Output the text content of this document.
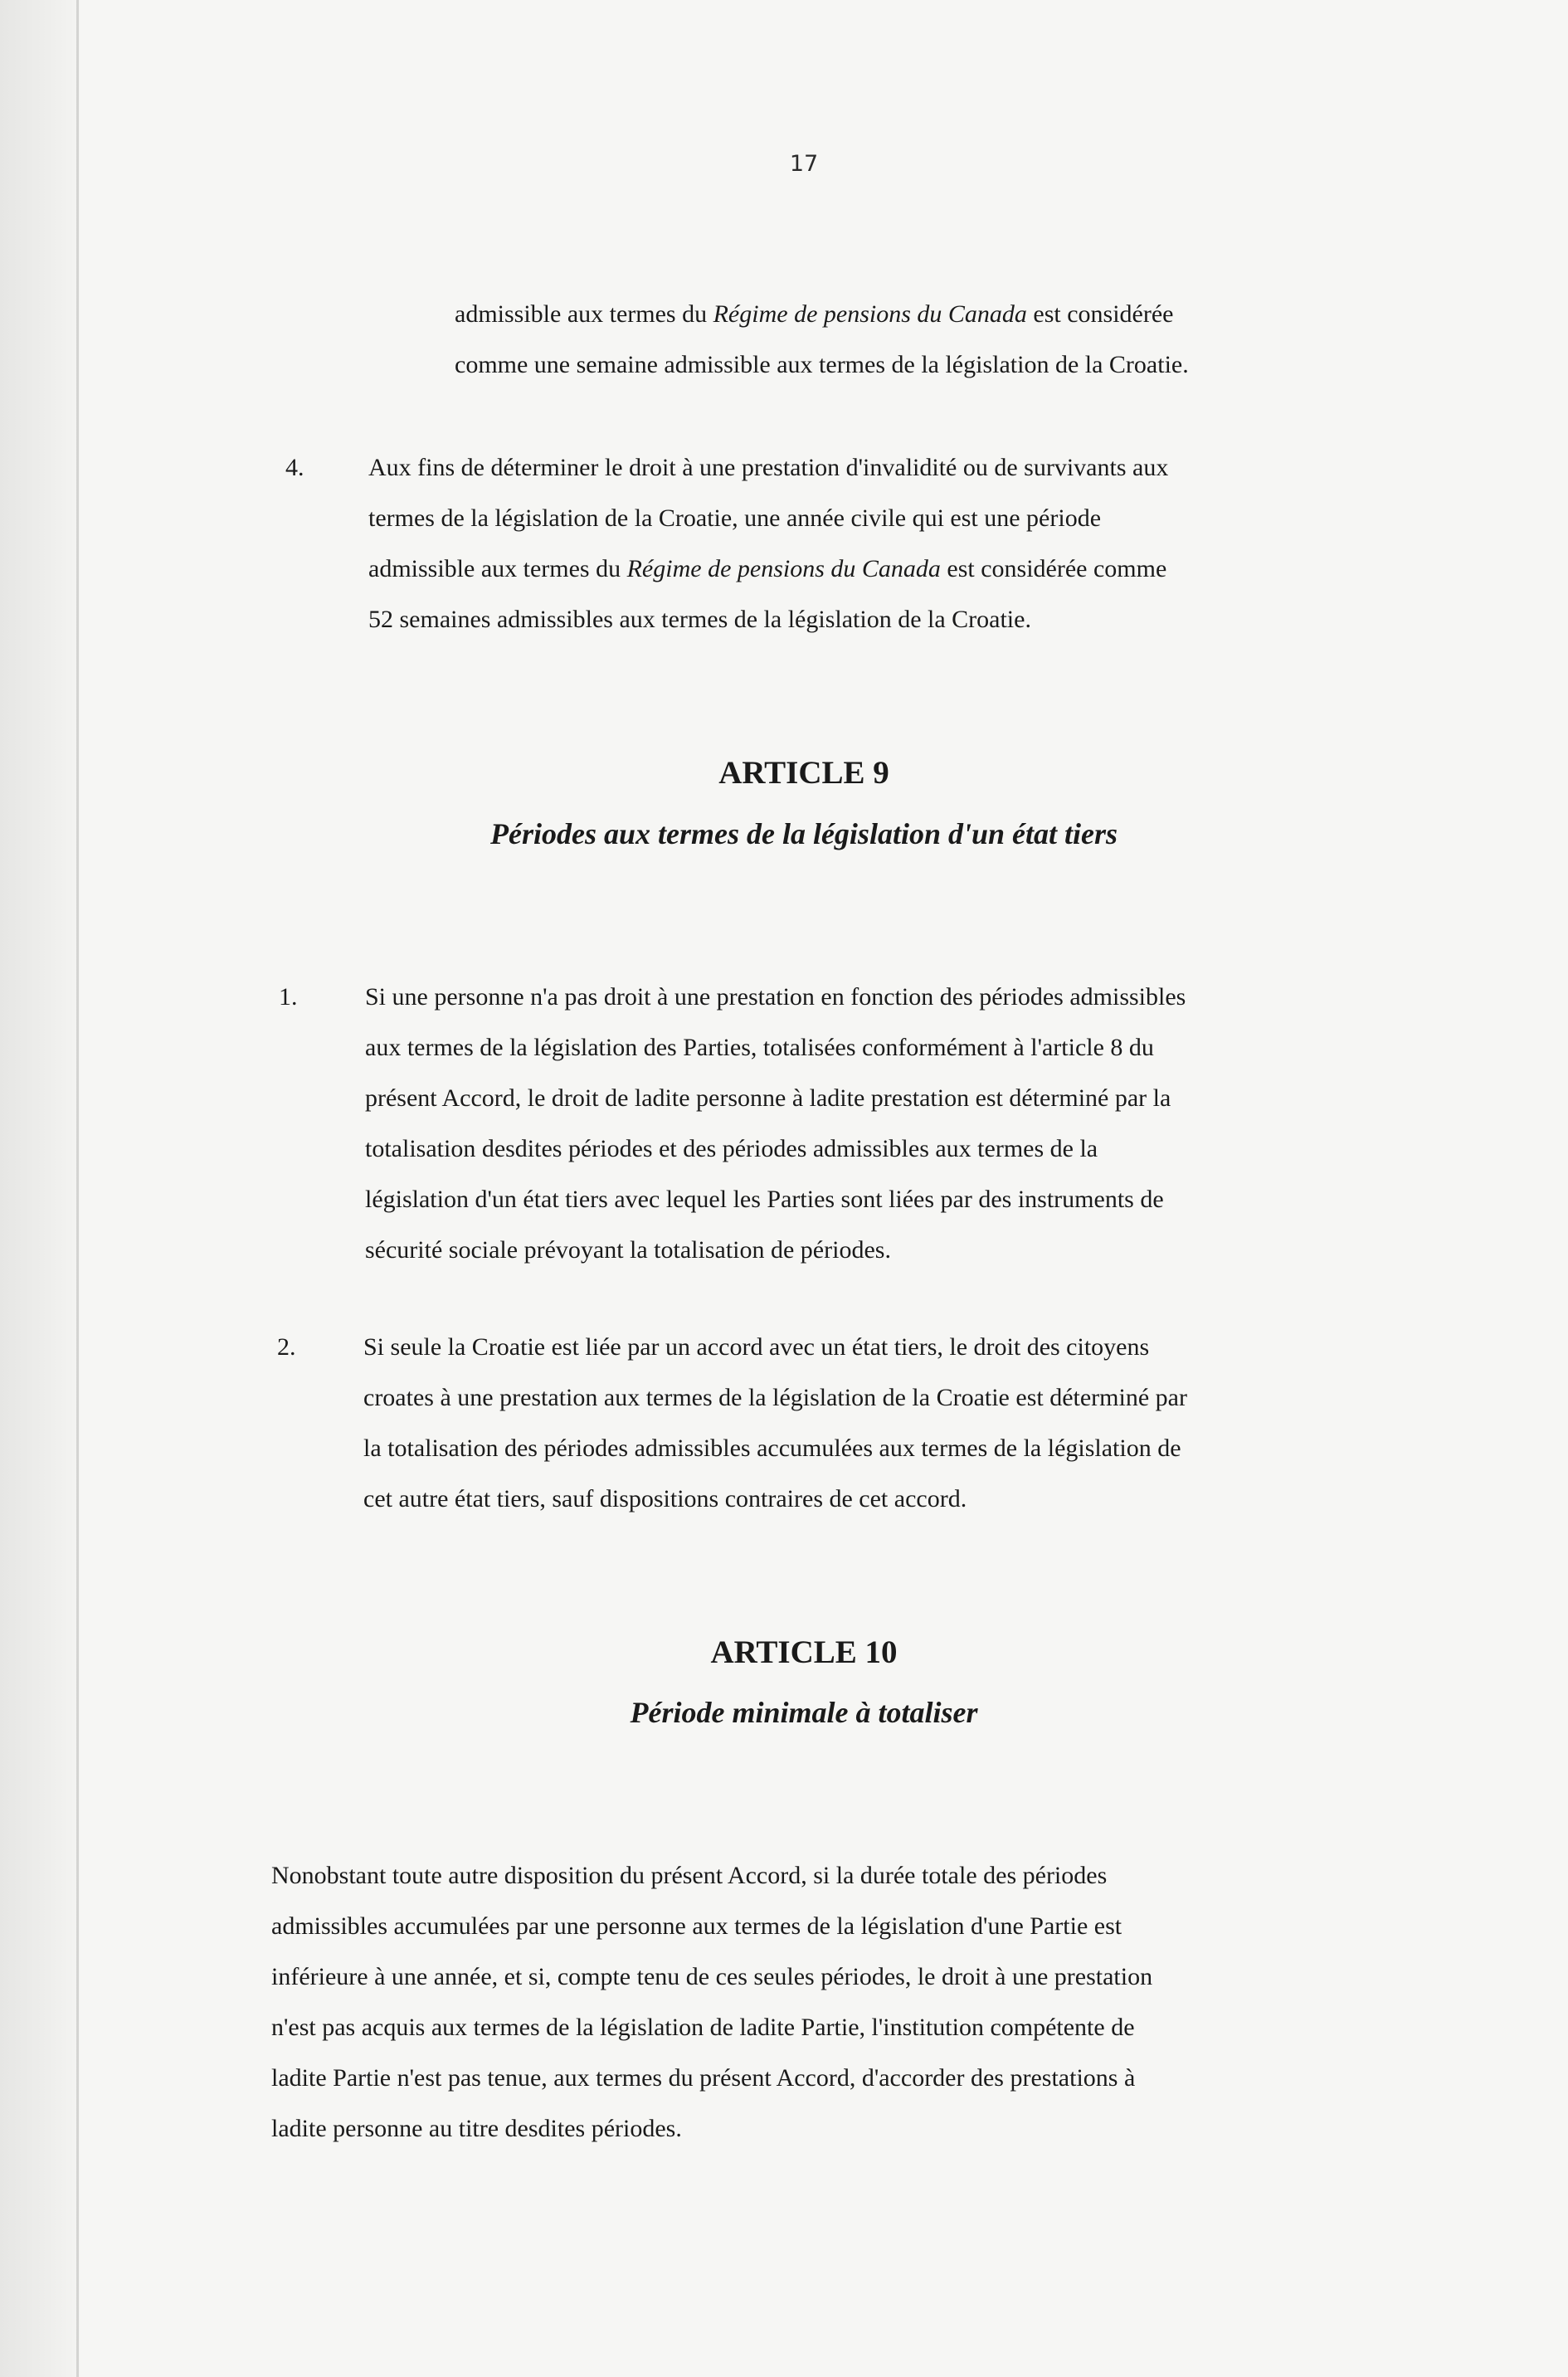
17
admissible aux termes du Régime de pensions du Canada est considérée
comme une semaine admissible aux termes de la législation de la Croatie.
4.	Aux fins de déterminer le droit à une prestation d'invalidité ou de survivants aux
termes de la législation de la Croatie, une année civile qui est une période
admissible aux termes du Régime de pensions du Canada est considérée comme
52 semaines admissibles aux termes de la législation de la Croatie.
ARTICLE 9
Périodes aux termes de la législation d'un état tiers
1.	Si une personne n'a pas droit à une prestation en fonction des périodes admissibles
aux termes de la législation des Parties, totalisées conformément à l'article 8 du
présent Accord, le droit de ladite personne à ladite prestation est déterminé par la
totalisation desdites périodes et des périodes admissibles aux termes de la
législation d'un état tiers avec lequel les Parties sont liées par des instruments de
sécurité sociale prévoyant la totalisation de périodes.
2.	Si seule la Croatie est liée par un accord avec un état tiers, le droit des citoyens
croates à une prestation aux termes de la législation de la Croatie est déterminé par
la totalisation des périodes admissibles accumulées aux termes de la législation de
cet autre état tiers, sauf dispositions contraires de cet accord.
ARTICLE 10
Période minimale à totaliser
Nonobstant toute autre disposition du présent Accord, si la durée totale des périodes
admissibles accumulées par une personne aux termes de la législation d'une Partie est
inférieure à une année, et si, compte tenu de ces seules périodes, le droit à une prestation
n'est pas acquis aux termes de la législation de ladite Partie, l'institution compétente de
ladite Partie n'est pas tenue, aux termes du présent Accord, d'accorder des prestations à
ladite personne au titre desdites périodes.
